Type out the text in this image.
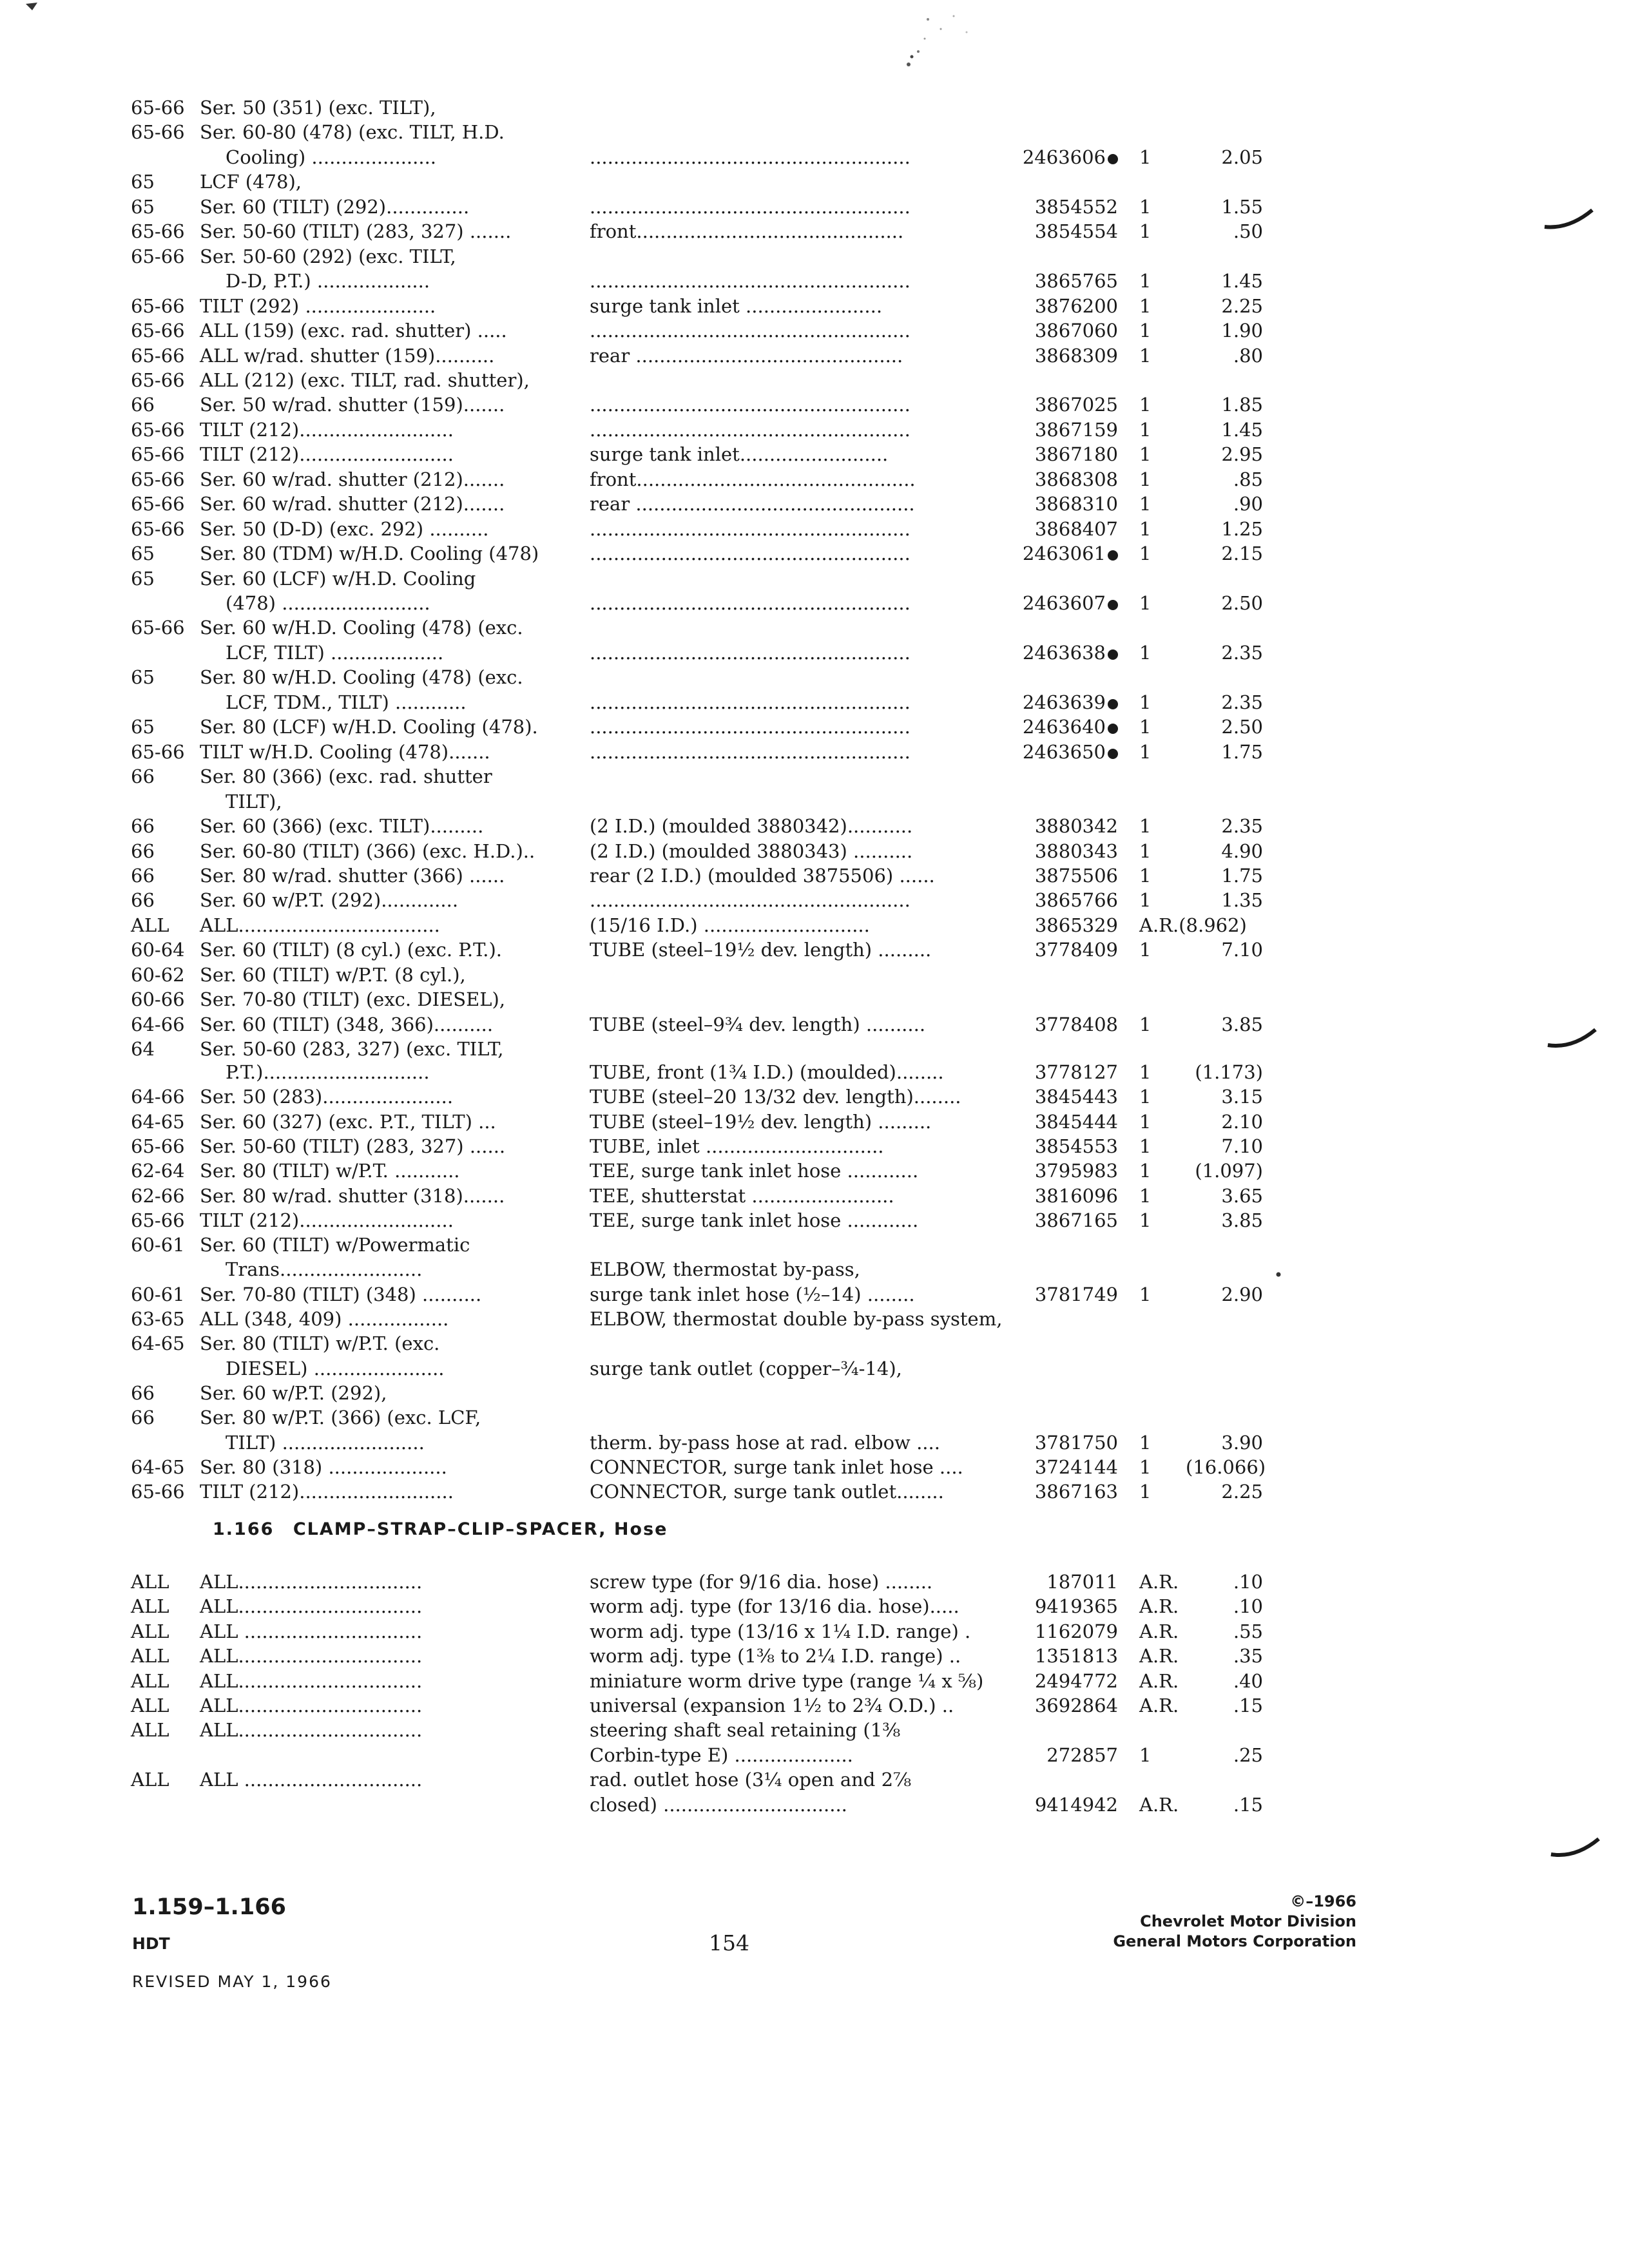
65-66 Ser. 50 (351) (exc. TILT),
65-66 Ser. 60-80 (478) (exc. TILT, H.D.
Cooling) .....................	......................................................	2463606	1	2.05
65 LCF (478),
65 Ser. 60 (TILT) (292)..............	......................................................	3854552 1	1.55
65-66 Ser. 50-60 (TILT) (283, 327) .......	front.............................................	3854554 1	.50
65-66 Ser. 50-60 (292) (exc. TILT,
D-D, P.T.) ...................	......................................................	3865765 1	1.45
65-66 TILT (292) ......................	surge tank inlet .......................	3876200 1	2.25
65-66 ALL (159) (exc. rad. shutter) .....	......................................................	3867060 1	1.90
65-66 ALL w/rad. shutter (159)..........	rear .............................................	3868309 1	.80
65-66 ALL (212) (exc. TILT, rad. shutter),
66 Ser. 50 w/rad. shutter (159).......	......................................................	3867025 1	1.85
65-66 TILT (212)..........................	......................................................	3867159 1	1.45
65-66 TILT (212)..........................	surge tank inlet.........................	3867180 1	2.95
65-66 Ser. 60 w/rad. shutter (212).......	front...............................................	3868308 1	.85
65-66 Ser. 60 w/rad. shutter (212).......	rear ...............................................	3868310 1	.90
65-66 Ser. 50 (D-D) (exc. 292) ..........	......................................................	3868407 1	1.25
65 Ser. 80 (TDM) w/H.D. Cooling (478)	......................................................	2463061	1	2.15
65 Ser. 60 (LCF) w/H.D. Cooling
(478) .........................	......................................................	2463607	1	2.50
65-66 Ser. 60 w/H.D. Cooling (478) (exc.
LCF, TILT) ...................	......................................................	2463638	1	2.35
65 Ser. 80 w/H.D. Cooling (478) (exc.
LCF, TDM., TILT) ............	......................................................	2463639	1	2.35
65 Ser. 80 (LCF) w/H.D. Cooling (478).	......................................................	2463640	1	2.50
65-66 TILT w/H.D. Cooling (478).......	......................................................	2463650	1	1.75
66 Ser. 80 (366) (exc. rad. shutter
TILT),
66 Ser. 60 (366) (exc. TILT).........	(2 I.D.) (moulded 3880342)...........	3880342 1	2.35
66 Ser. 60-80 (TILT) (366) (exc. H.D.)..	(2 I.D.) (moulded 3880343) ..........	3880343 1	4.90
66 Ser. 80 w/rad. shutter (366) ......	rear (2 I.D.) (moulded 3875506) ......	3875506 1	1.75
66 Ser. 60 w/P.T. (292).............	......................................................	3865766 1	1.35
ALL ALL..................................	(15/16 I.D.) ............................	3865329 A.R.(8.962)
60-64 Ser. 60 (TILT) (8 cyl.) (exc. P.T.).	TUBE (steel–19½ dev. length) .........	3778409 1	7.10
60-62 Ser. 60 (TILT) w/P.T. (8 cyl.),
60-66 Ser. 70-80 (TILT) (exc. DIESEL),
64-66 Ser. 60 (TILT) (348, 366)..........	TUBE (steel–9¾ dev. length) ..........	3778408 1	3.85
64 Ser. 50-60 (283, 327) (exc. TILT,
P.T.)............................	TUBE, front (1¾ I.D.) (moulded)........	3778127 1	(1.173)
64-66 Ser. 50 (283)......................	TUBE (steel–20 13/32 dev. length)........	3845443 1	3.15
64-65 Ser. 60 (327) (exc. P.T., TILT) ...	TUBE (steel–19½ dev. length) .........	3845444 1	2.10
65-66 Ser. 50-60 (TILT) (283, 327) ......	TUBE, inlet ..............................	3854553 1	7.10
62-64 Ser. 80 (TILT) w/P.T. ...........	TEE, surge tank inlet hose ............	3795983 1	(1.097)
62-66 Ser. 80 w/rad. shutter (318).......	TEE, shutterstat ........................	3816096 1	3.65
65-66 TILT (212)..........................	TEE, surge tank inlet hose ............	3867165 1	3.85
60-61 Ser. 60 (TILT) w/Powermatic
Trans........................	ELBOW, thermostat by-pass,
60-61 Ser. 70-80 (TILT) (348) ..........	surge tank inlet hose (½–14) ........	3781749 1	2.90
63-65 ALL (348, 409) .................	ELBOW, thermostat double by-pass system,
64-65 Ser. 80 (TILT) w/P.T. (exc.
DIESEL) ......................	surge tank outlet (copper–¾-14),
66 Ser. 60 w/P.T. (292),
66 Ser. 80 w/P.T. (366) (exc. LCF,
TILT) ........................	therm. by-pass hose at rad. elbow ....	3781750 1	3.90
64-65 Ser. 80 (318) ....................	CONNECTOR, surge tank inlet hose ....	3724144 1 (16.066)
65-66 TILT (212)..........................	CONNECTOR, surge tank outlet........	3867163 1	2.25
ALL ALL...............................	screw type (for 9/16 dia. hose) ........	187011 A.R.	.10
ALL ALL...............................	worm adj. type (for 13/16 dia. hose).....	9419365 A.R.	.10
ALL ALL ..............................	worm adj. type (13/16 x 1¼ I.D. range) .	1162079 A.R.	.55
ALL ALL...............................	worm adj. type (1⅜ to 2¼ I.D. range) ..	1351813 A.R.	.35
ALL ALL...............................	miniature worm drive type (range ¼ x ⅝)	2494772 A.R.	.40
ALL ALL...............................	universal (expansion 1½ to 2¾ O.D.) ..	3692864 A.R.	.15
ALL ALL...............................	steering shaft seal retaining (1⅜
Corbin-type E) ....................	272857 1	.25
ALL ALL ..............................	rad. outlet hose (3¼ open and 2⅞
closed) ...............................	9414942 A.R.	.15
1.166 CLAMP–STRAP–CLIP–SPACER, Hose
1.159–1.166
HDT
REVISED MAY 1, 1966
154
©–1966
Chevrolet Motor Division
General Motors Corporation
